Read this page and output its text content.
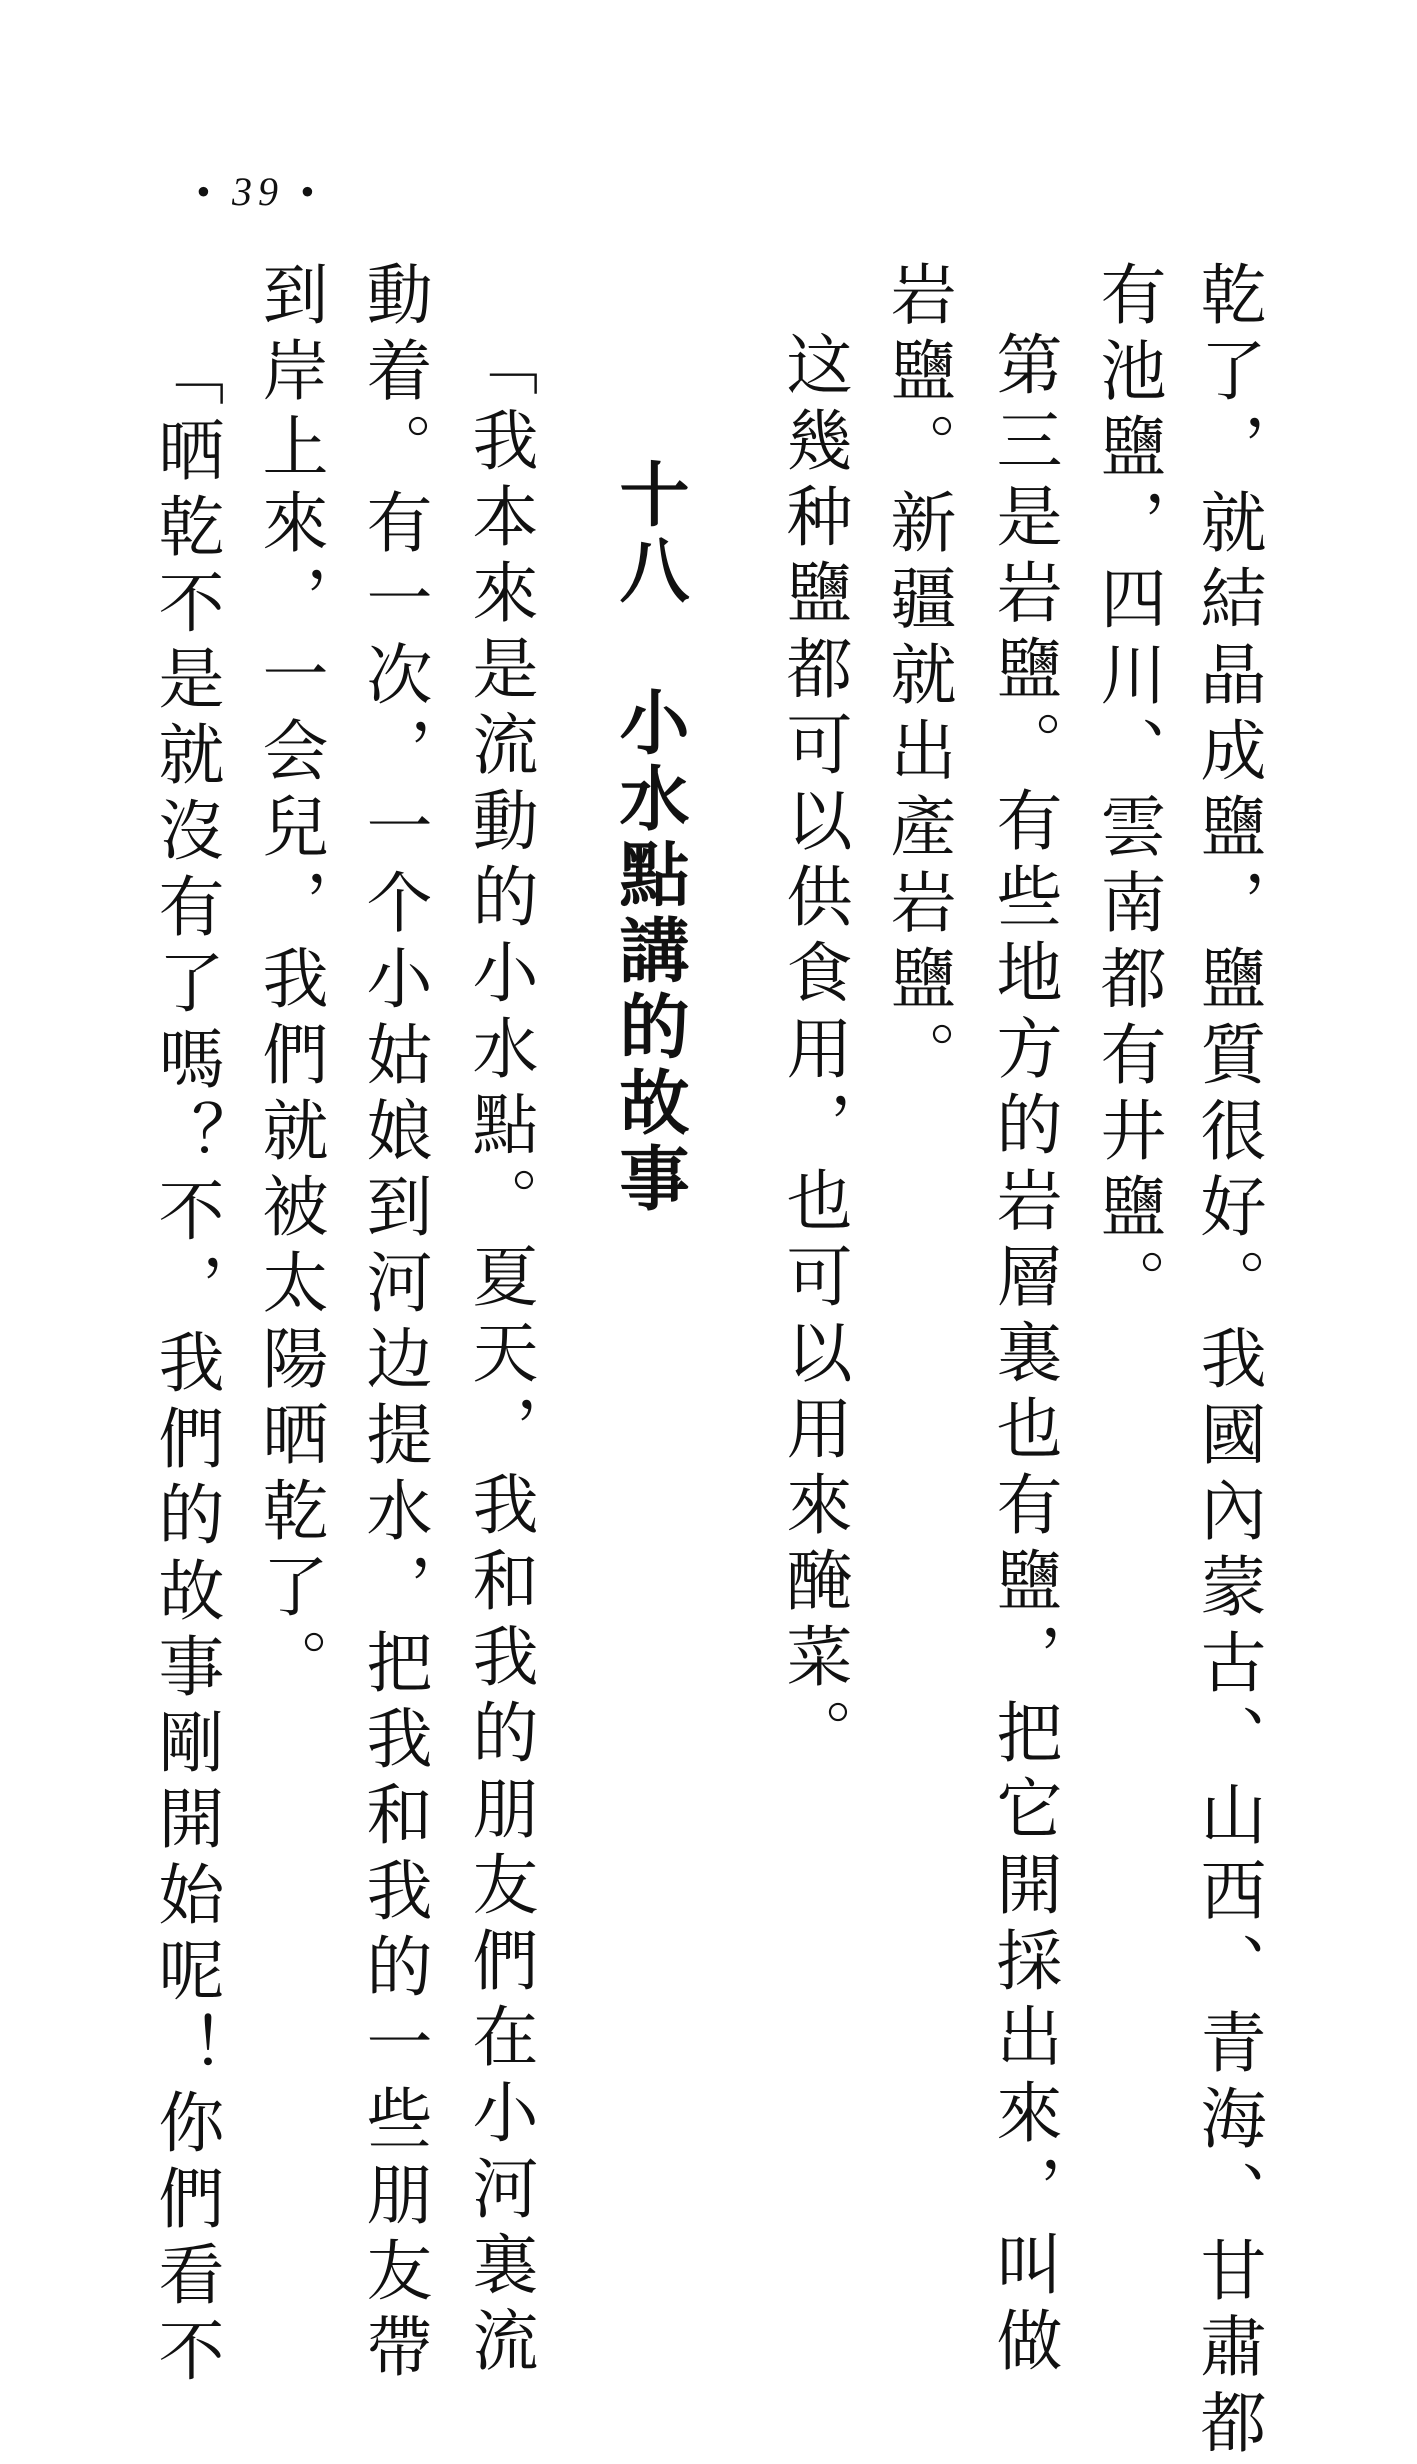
• 39 •
乾了，就結晶成鹽，鹽質很好。我國內蒙古、山西、青海、甘肅都
有池鹽，四川、雲南都有井鹽。
第三是岩鹽。有些地方的岩層裏也有鹽，把它開採出來，叫做
岩鹽。新疆就出產岩鹽。
这幾种鹽都可以供食用，也可以用來醃菜。
十八　小水點講的故事
「我本來是流動的小水點。夏天，我和我的朋友們在小河裏流
動着。有一次，一个小姑娘到河边提水，把我和我的一些朋友帶
到岸上來，一会兒，我們就被太陽晒乾了。
「晒乾不是就沒有了嗎？不，我們的故事剛開始呢！你們看不
